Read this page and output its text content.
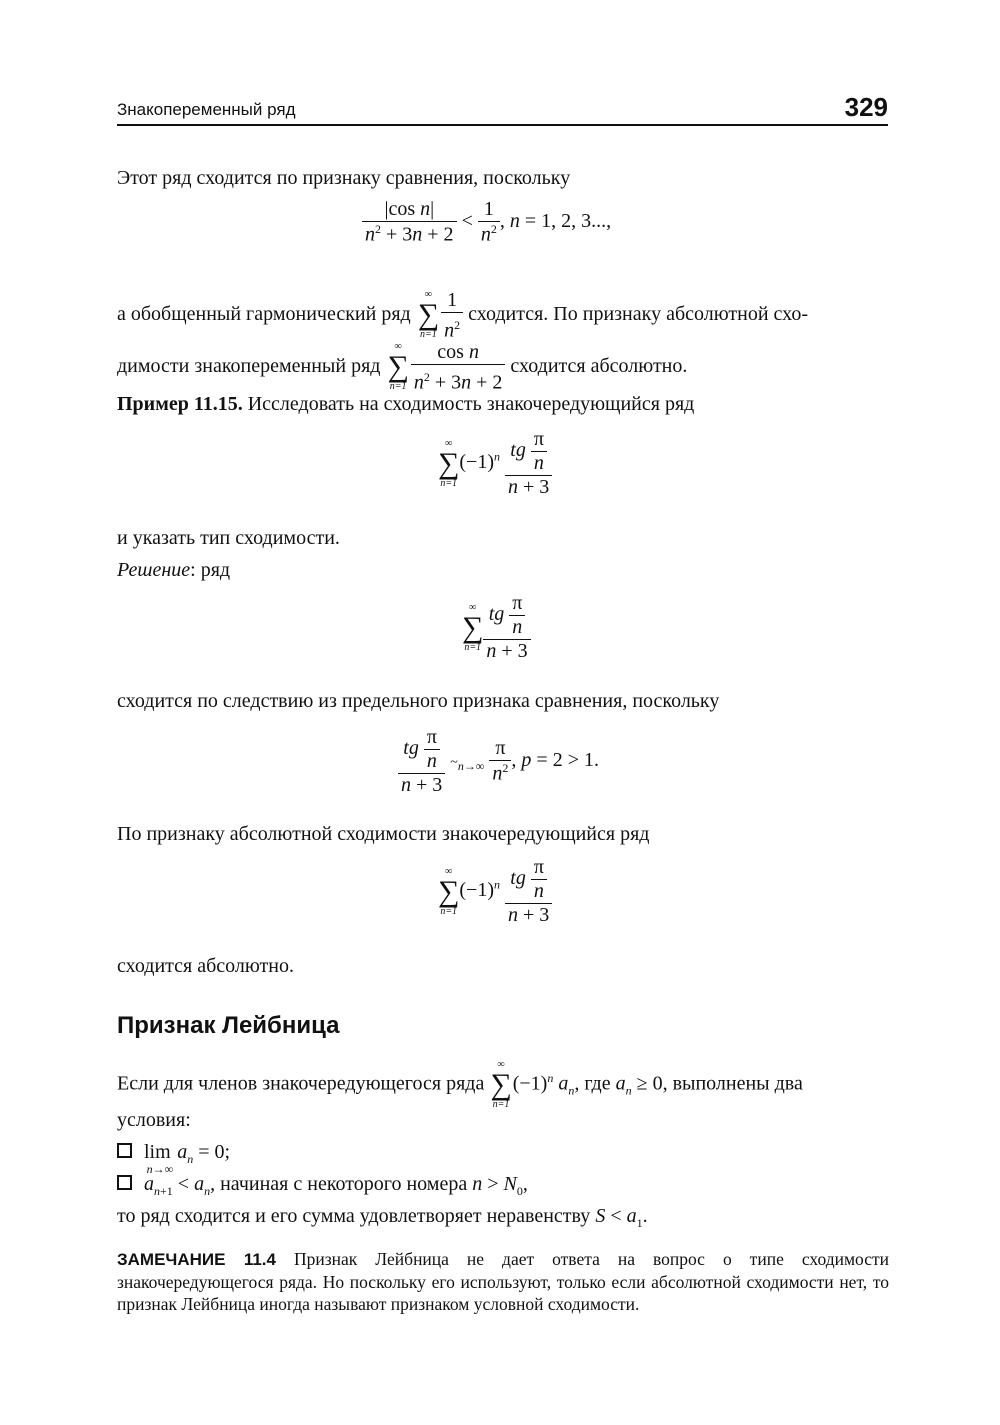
Знакопеременный ряд	329
Этот ряд сходится по признаку сравнения, поскольку
$\frac{\text{|cos n|}}{n^2 + 3n + 2} < \frac{1}{n^2}$ , n = 1, 2, 3...,
а обобщенный гармонический ряд
∞
∑
$n=1 \frac{1}{n^2}$ сходится. По признаку абсолютной схо-
димости знакопеременный ряд
∞
∑
$n=1 \frac{\text{cos n}}{n^2 + 3n + 2}$ сходится абсолютно.
Пример 11.15. Исследовать на сходимость знакочередующийся ряд
∞
∑
n=1
$(-1)^n \frac{tg \frac{\pi}{n}}{n + 3}$
и указать тип сходимости.
Решение: ряд
∞
∑
$n=1 \frac{tg \frac{\pi}{n}}{n + 3}$
сходится по следствию из предельного признака сравнения, поскольку
$\frac{tg \frac{\pi}{n}}{n + 3}$ $\sim_{n\to\infty} \frac{\pi}{n^2}$ , p = 2 > 1.
По признаку абсолютной сходимости знакочередующийся ряд
∞
∑
n=1
$(-1)^n \frac{tg \frac{\pi}{n}}{n + 3}$
сходится абсолютно.
Признак Лейбница
Если для членов знакочередующегося ряда
∞
∑
n=1
$(-1)^n$ $a_n$, где $a_n \ge 0$, выполнены два
условия:
$\lim_{n\to\infty}a_n = 0$;
$a_{n+1} < a_n$, начиная с некоторого номера $n > N_0$,
то ряд сходится и его сумма удовлетворяет неравенству $S < a_1$.
ЗАМЕЧАНИЕ 11.4 Признак Лейбница не дает ответа на вопрос о типе сходимости знакочередующегося ряда. Но поскольку его используют, только если абсолютной сходимости нет, то признак Лейбница иногда называют признаком условной сходимости.
